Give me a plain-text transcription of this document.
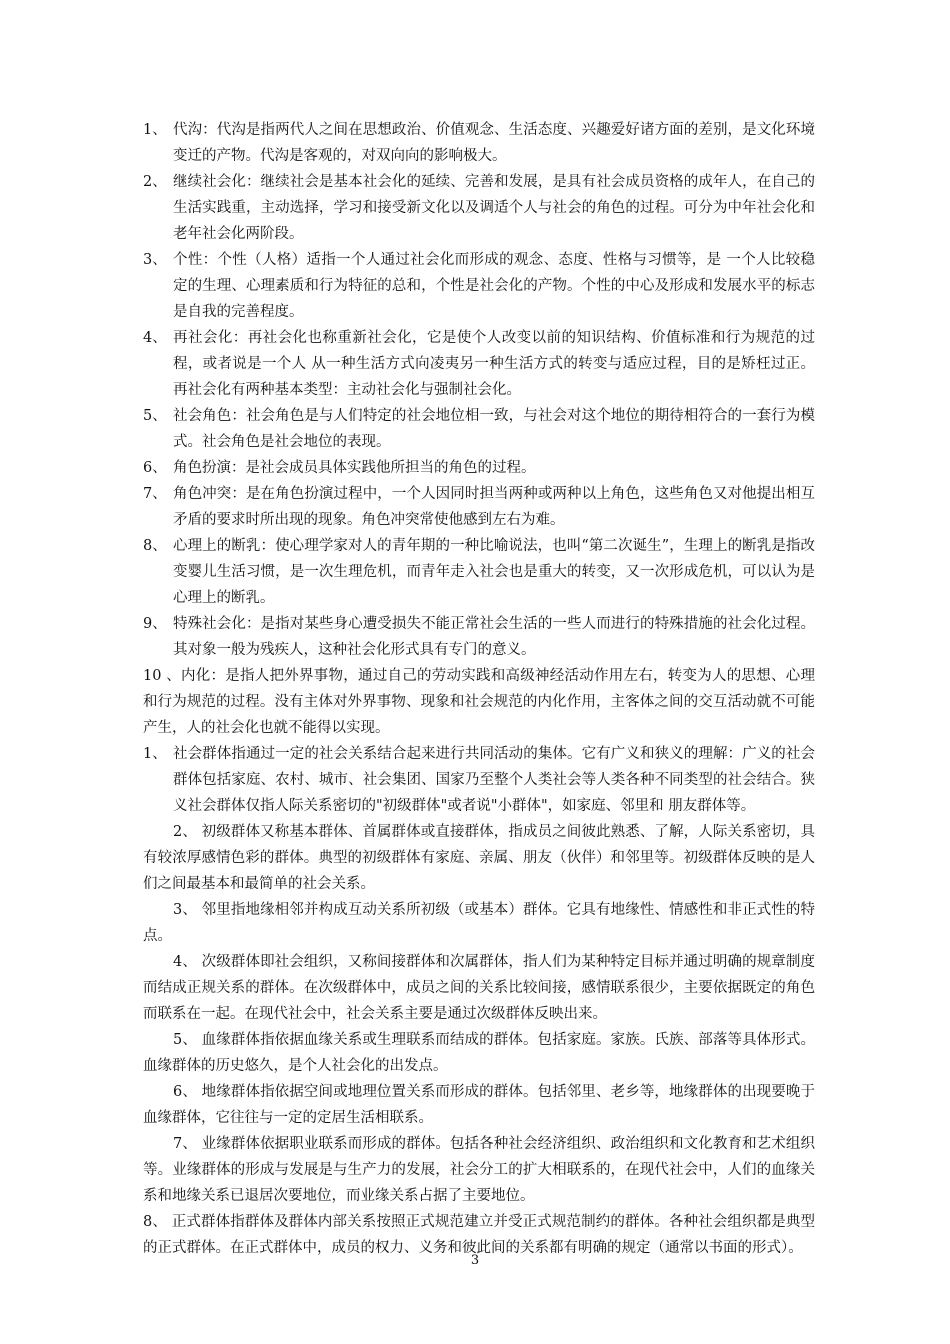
1、 代沟：代沟是指两代人之间在思想政治、价值观念、生活态度、兴趣爱好诸方面的差别，是文化环境变迁的产物。代沟是客观的，对双向向的影响极大。
2、 继续社会化：继续社会是基本社会化的延续、完善和发展，是具有社会成员资格的成年人，在自己的生活实践重，主动选择，学习和接受新文化以及调适个人与社会的角色的过程。可分为中年社会化和老年社会化两阶段。
3、 个性：个性（人格）适指一个人通过社会化而形成的观念、态度、性格与习惯等，是 一个人比较稳定的生理、心理素质和行为特征的总和，个性是社会化的产物。个性的中心及形成和发展水平的标志是自我的完善程度。
4、 再社会化：再社会化也称重新社会化，它是使个人改变以前的知识结构、价值标准和行为规范的过程，或者说是一个人 从一种生活方式向凌夷另一种生活方式的转变与适应过程，目的是矫枉过正。再社会化有两种基本类型：主动社会化与强制社会化。
5、 社会角色：社会角色是与人们特定的社会地位相一致，与社会对这个地位的期待相符合的一套行为模式。社会角色是社会地位的表现。
6、 角色扮演：是社会成员具体实践他所担当的角色的过程。
7、 角色冲突：是在角色扮演过程中，一个人因同时担当两种或两种以上角色，这些角色又对他提出相互矛盾的要求时所出现的现象。角色冲突常使他感到左右为难。
8、 心理上的断乳：使心理学家对人的青年期的一种比喻说法，也叫“第二次诞生”，生理上的断乳是指改变婴儿生活习惯，是一次生理危机，而青年走入社会也是重大的转变，又一次形成危机，可以认为是心理上的断乳。
9、 特殊社会化：是指对某些身心遭受损失不能正常社会生活的一些人而进行的特殊措施的社会化过程。其对象一般为残疾人，这种社会化形式具有专门的意义。
10 、内化：是指人把外界事物，通过自己的劳动实践和高级神经活动作用左右，转变为人的思想、心理和行为规范的过程。没有主体对外界事物、现象和社会规范的内化作用，主客体之间的交互活动就不可能产生，人的社会化也就不能得以实现。
1、 社会群体指通过一定的社会关系结合起来进行共同活动的集体。它有广义和狭义的理解：广义的社会群体包括家庭、农村、城市、社会集团、国家乃至整个人类社会等人类各种不同类型的社会结合。狭义社会群体仅指人际关系密切的"初级群体"或者说"小群体"，如家庭、邻里和 朋友群体等。
2、 初级群体又称基本群体、首属群体或直接群体，指成员之间彼此熟悉、了解，人际关系密切，具有较浓厚感情色彩的群体。典型的初级群体有家庭、亲属、朋友（伙伴）和邻里等。初级群体反映的是人们之间最基本和最简单的社会关系。
3、 邻里指地缘相邻并构成互动关系所初级（或基本）群体。它具有地缘性、情感性和非正式性的特点。
4、 次级群体即社会组织，又称间接群体和次属群体，指人们为某种特定目标并通过明确的规章制度而结成正规关系的群体。在次级群体中，成员之间的关系比较间接，感情联系很少，主要依据既定的角色而联系在一起。在现代社会中，社会关系主要是通过次级群体反映出来。
5、 血缘群体指依据血缘关系或生理联系而结成的群体。包括家庭。家族。氏族、部落等具体形式。血缘群体的历史悠久，是个人社会化的出发点。
6、 地缘群体指依据空间或地理位置关系而形成的群体。包括邻里、老乡等，地缘群体的出现要晚于血缘群体，它往往与一定的定居生活相联系。
7、 业缘群体依据职业联系而形成的群体。包括各种社会经济组织、政治组织和文化教育和艺术组织等。业缘群体的形成与发展是与生产力的发展，社会分工的扩大相联系的，在现代社会中，人们的血缘关系和地缘关系已退居次要地位，而业缘关系占据了主要地位。
8、 正式群体指群体及群体内部关系按照正式规范建立并受正式规范制约的群体。各种社会组织都是典型的正式群体。在正式群体中，成员的权力、义务和彼此间的关系都有明确的规定（通常以书面的形式）。
3
